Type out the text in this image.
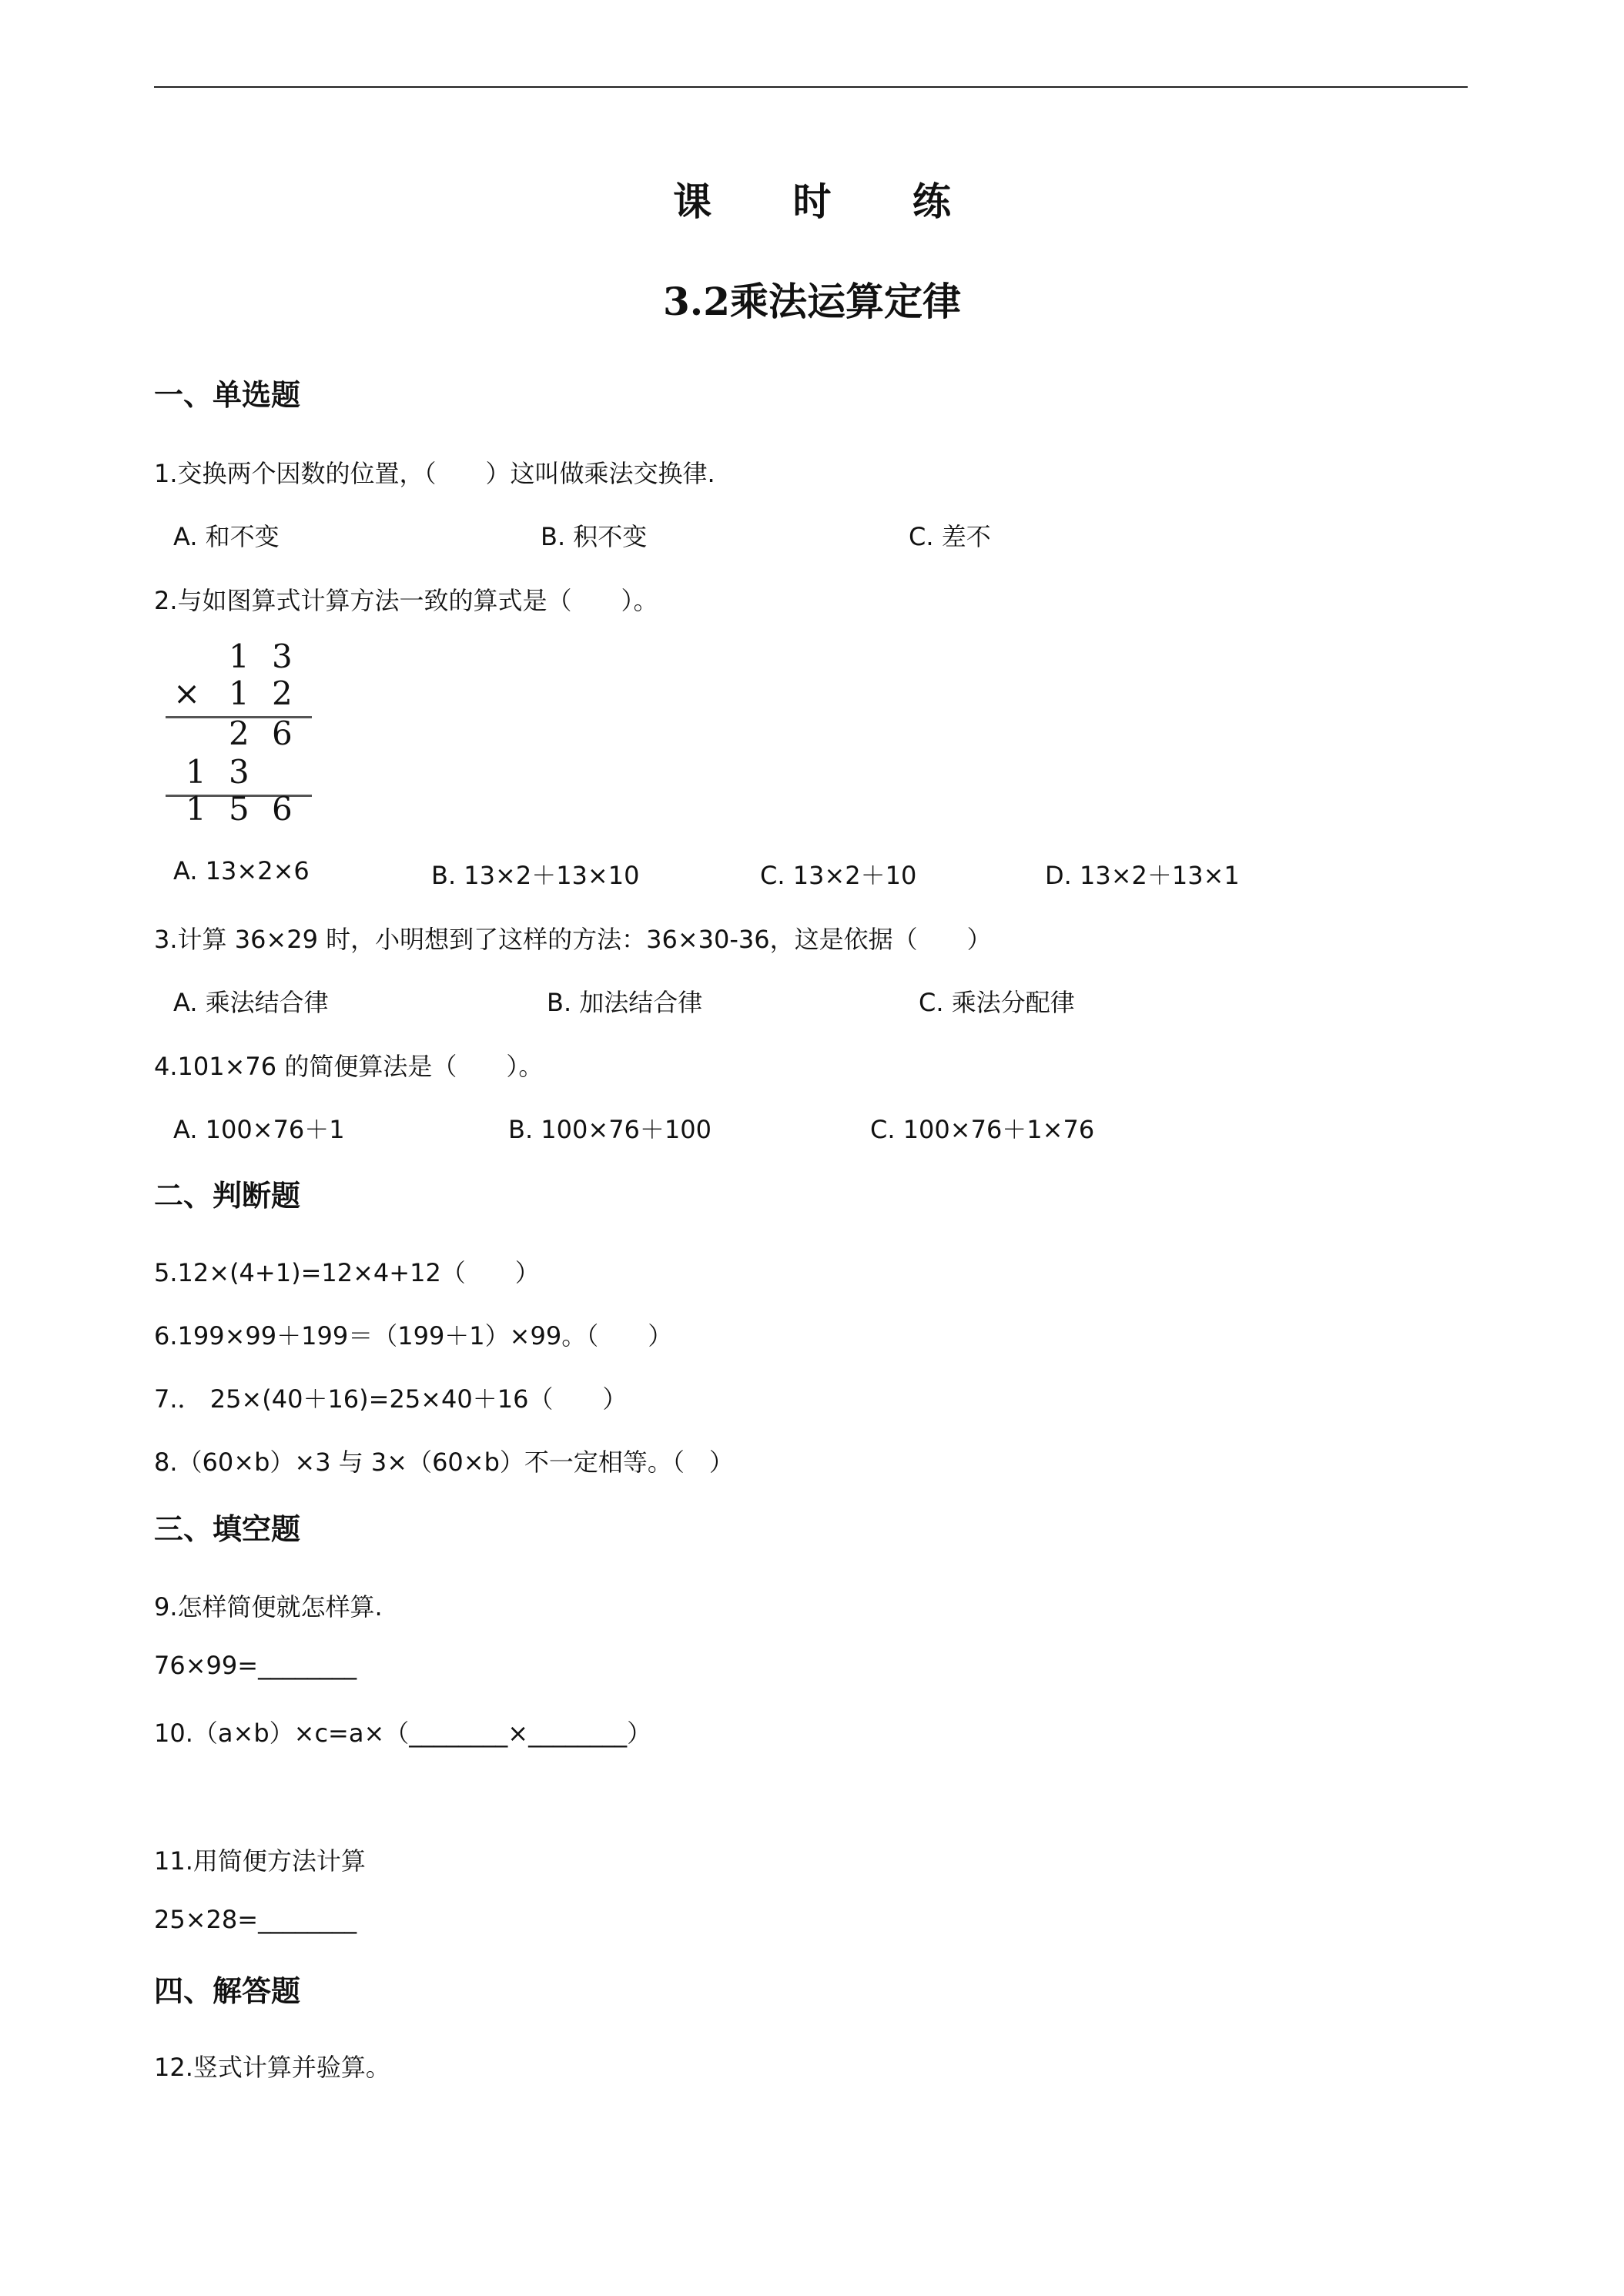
课 时 练
3.2乘法运算定律
一、单选题
1.交换两个因数的位置，（　　）这叫做乘法交换律.
A. 和不变	B. 积不变	C. 差不
2.与如图算式计算方法一致的算式是（　　）。
1 3
× 1 2
2 6
1 3
1 5 6
A. 13×2×6	B. 13×2＋13×10	C. 13×2＋10	D. 13×2＋13×1
3.计算 36×29 时，小明想到了这样的方法：36×30-36，这是依据（　　）
A. 乘法结合律	B. 加法结合律	C. 乘法分配律
4.101×76 的简便算法是（　　）。
A. 100×76＋1	B. 100×76＋100	C. 100×76＋1×76
二、判断题
5.12×(4+1)=12×4+12（　　）
6.199×99＋199＝（199＋1）×99。（　　）
7.． 25×(40＋16)=25×40＋16（　　）
8.（60×b）×3 与 3×（60×b）不一定相等。（　）
三、填空题
9.怎样简便就怎样算.
76×99=________
10.（a×b）×c=a×（________×________）
11.用简便方法计算
25×28=________
四、解答题
12.竖式计算并验算。
